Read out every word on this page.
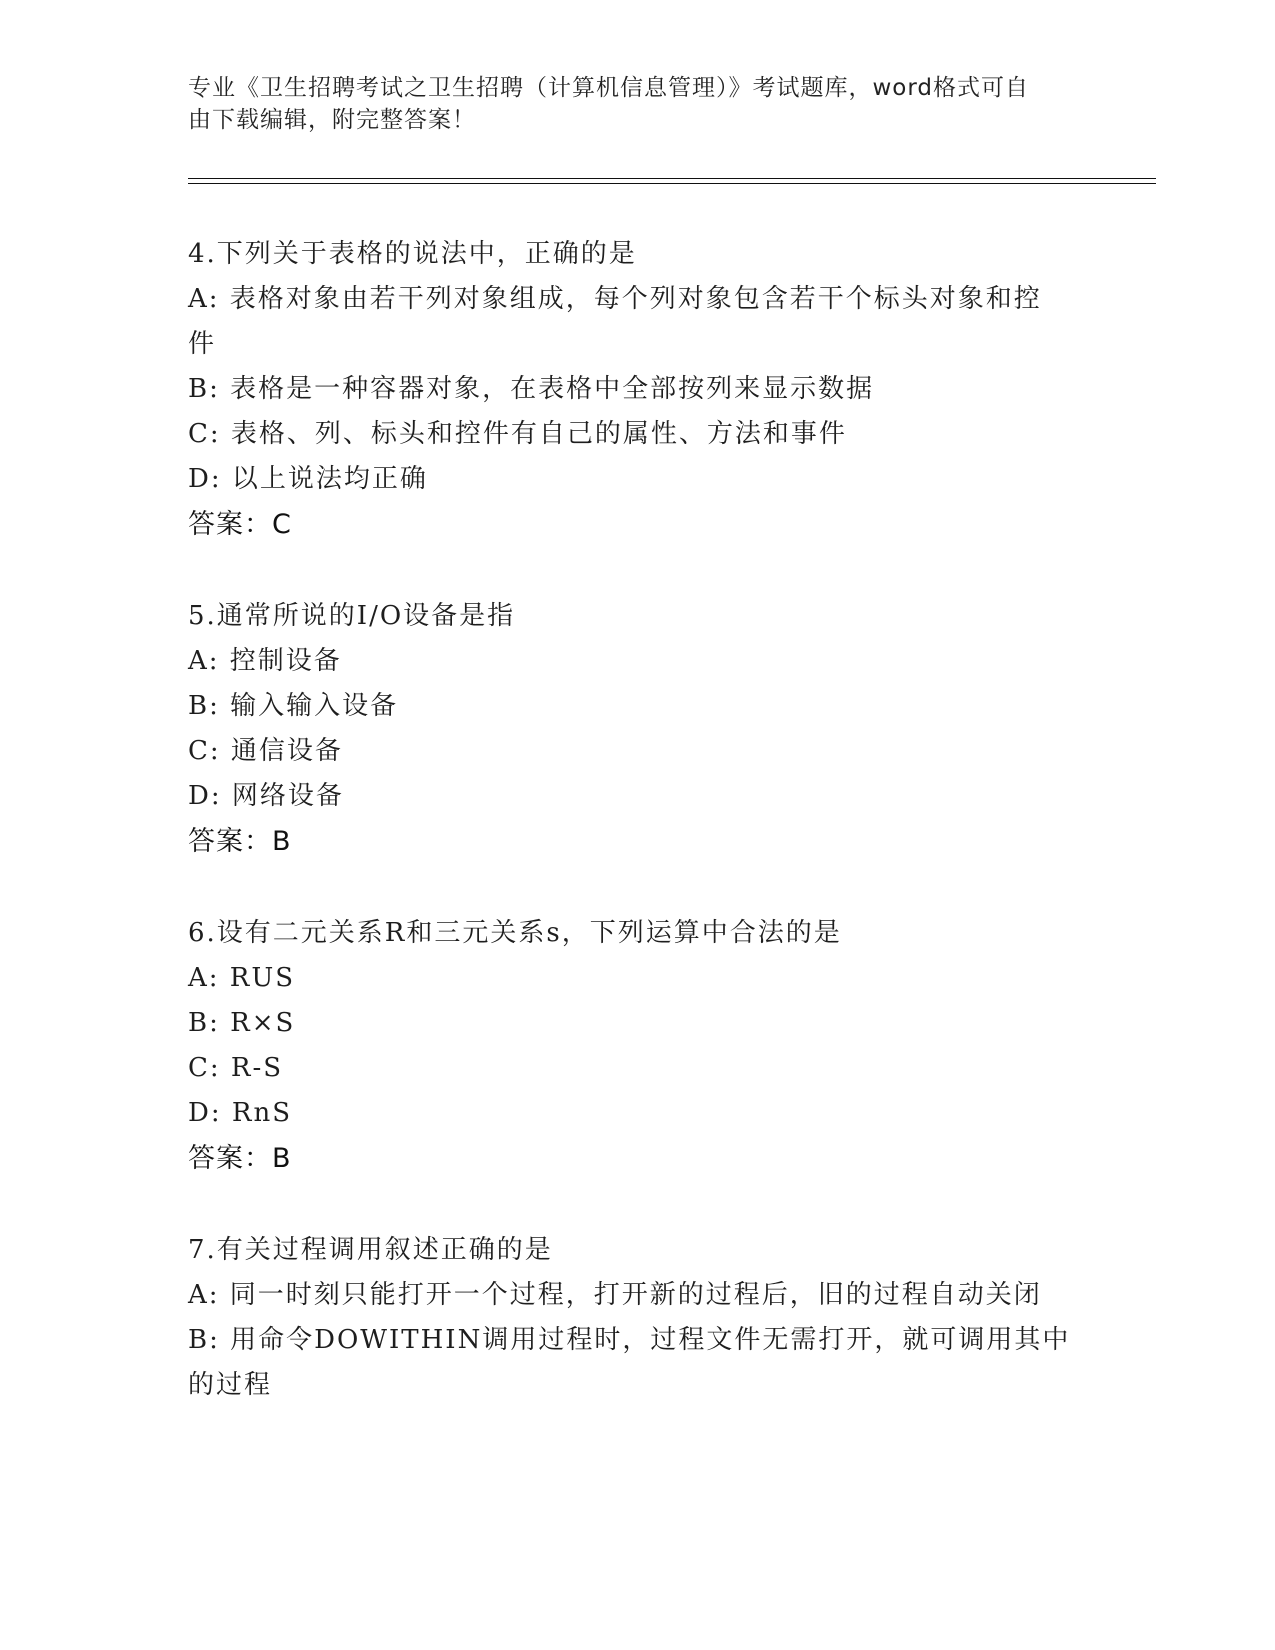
专业《卫生招聘考试之卫生招聘（计算机信息管理）》考试题库，word格式可自
由下载编辑，附完整答案！
4.下列关于表格的说法中，正确的是
A: 表格对象由若干列对象组成，每个列对象包含若干个标头对象和控
件
B: 表格是一种容器对象，在表格中全部按列来显示数据
C: 表格、列、标头和控件有自己的属性、方法和事件
D: 以上说法均正确
答案：C
5.通常所说的I/O设备是指
A: 控制设备
B: 输入输入设备
C: 通信设备
D: 网络设备
答案：B
6.设有二元关系R和三元关系s，下列运算中合法的是
A: RUS
B: R×S
C: R-S
D: RnS
答案：B
7.有关过程调用叙述正确的是
A: 同一时刻只能打开一个过程，打开新的过程后，旧的过程自动关闭
B: 用命令DOWITHIN调用过程时，过程文件无需打开，就可调用其中
的过程
